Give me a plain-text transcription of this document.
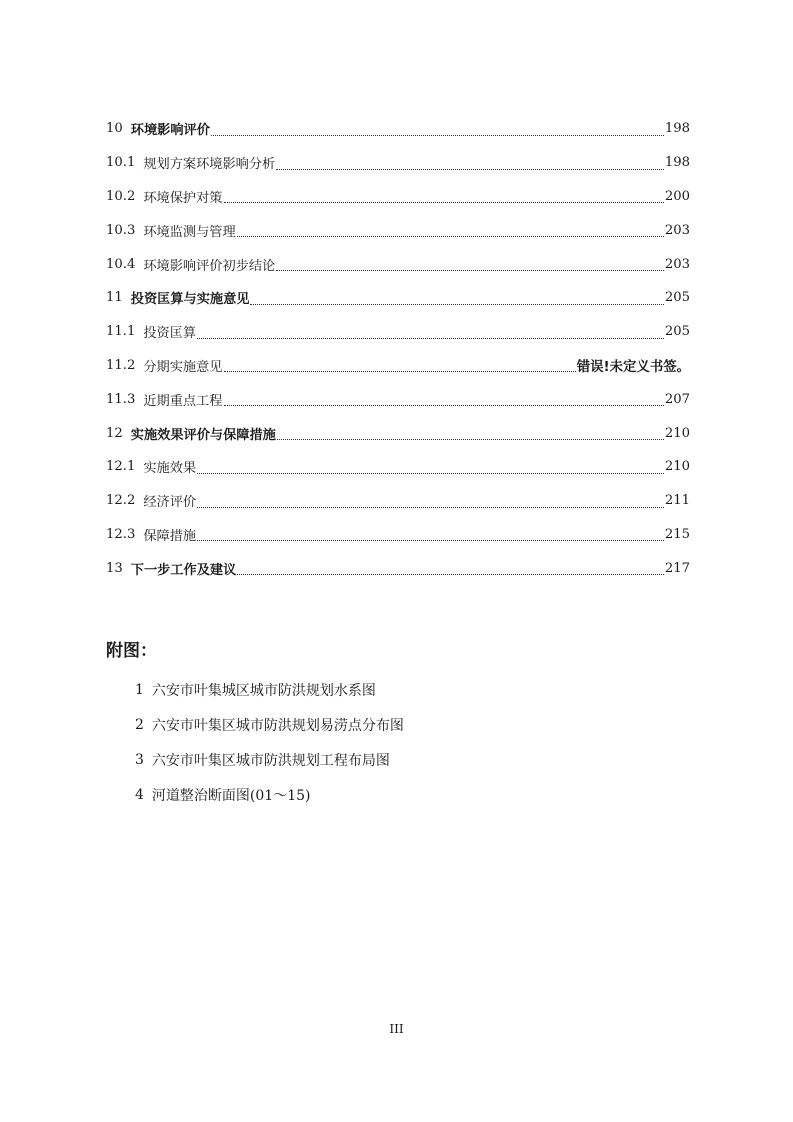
10 环境影响评价	198
10.1 规划方案环境影响分析	198
10.2 环境保护对策	200
10.3 环境监测与管理	203
10.4 环境影响评价初步结论	203
11 投资匡算与实施意见	205
11.1 投资匡算	205
11.2 分期实施意见	错误!未定义书签。
11.3 近期重点工程	207
12 实施效果评价与保障措施	210
12.1 实施效果	210
12.2 经济评价	211
12.3 保障措施	215
13 下一步工作及建议	217
附图：
1 六安市叶集城区城市防洪规划水系图
2 六安市叶集区城市防洪规划易涝点分布图
3 六安市叶集区城市防洪规划工程布局图
4 河道整治断面图(01～15)
III
